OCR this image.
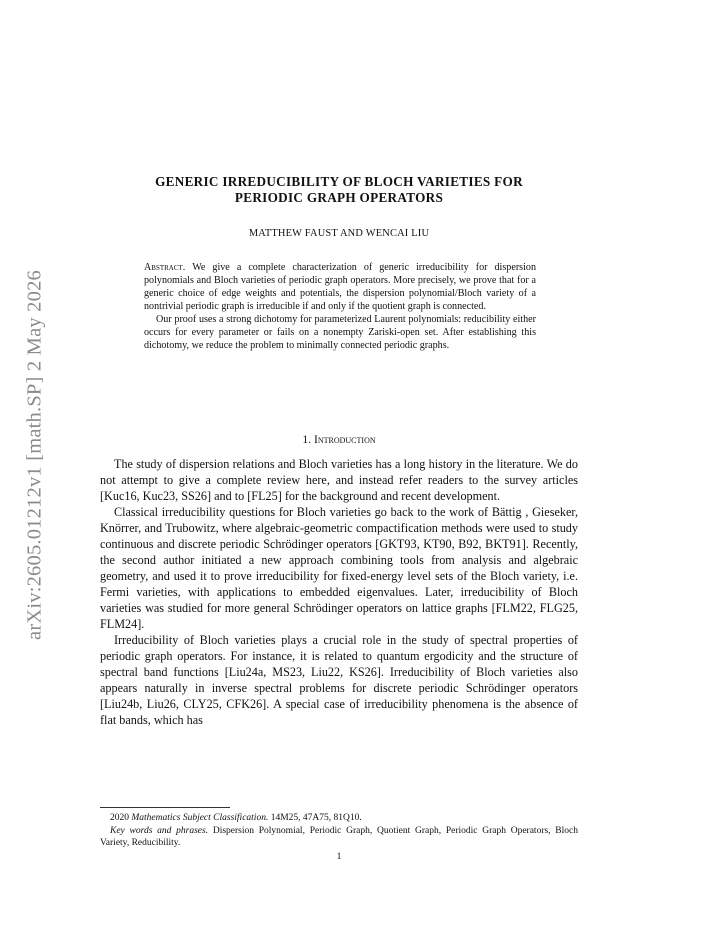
arXiv:2605.01212v1 [math.SP] 2 May 2026
GENERIC IRREDUCIBILITY OF BLOCH VARIETIES FOR
PERIODIC GRAPH OPERATORS
MATTHEW FAUST AND WENCAI LIU

Abstract. We give a complete characterization of generic irreducibility for dispersion polynomials and Bloch varieties of periodic graph operators. More precisely, we prove that for a generic choice of edge weights and potentials, the dispersion polynomial/Bloch variety of a nontrivial periodic graph is irreducible if and only if the quotient graph is connected.

Our proof uses a strong dichotomy for parameterized Laurent polynomials: reducibility either occurs for every parameter or fails on a nonempty Zariski-open set. After establishing this dichotomy, we reduce the problem to minimally connected periodic graphs.

1. Introduction

The study of dispersion relations and Bloch varieties has a long history in the literature. We do not attempt to give a complete review here, and instead refer readers to the survey articles [Kuc16, Kuc23, SS26] and to [FL25] for the background and recent development.

Classical irreducibility questions for Bloch varieties go back to the work of Bättig , Gieseker, Knörrer, and Trubowitz, where algebraic-geometric compactification methods were used to study continuous and discrete periodic Schrödinger operators [GKT93, KT90, B92, BKT91]. Recently, the second author initiated a new approach combining tools from analysis and algebraic geometry, and used it to prove irreducibility for fixed-energy level sets of the Bloch variety, i.e. Fermi varieties, with applications to embedded eigenvalues. Later, irreducibility of Bloch varieties was studied for more general Schrödinger operators on lattice graphs [FLM22, FLG25, FLM24].

Irreducibility of Bloch varieties plays a crucial role in the study of spectral properties of periodic graph operators. For instance, it is related to quantum ergodicity and the structure of spectral band functions [Liu24a, MS23, Liu22, KS26]. Irreducibility of Bloch varieties also appears naturally in inverse spectral problems for discrete periodic Schrödinger operators [Liu24b, Liu26, CLY25, CFK26]. A special case of irreducibility phenomena is the absence of flat bands, which has

2020 Mathematics Subject Classification. 14M25, 47A75, 81Q10.

Key words and phrases. Dispersion Polynomial, Periodic Graph, Quotient Graph, Periodic Graph Operators, Bloch Variety, Reducibility.

1
